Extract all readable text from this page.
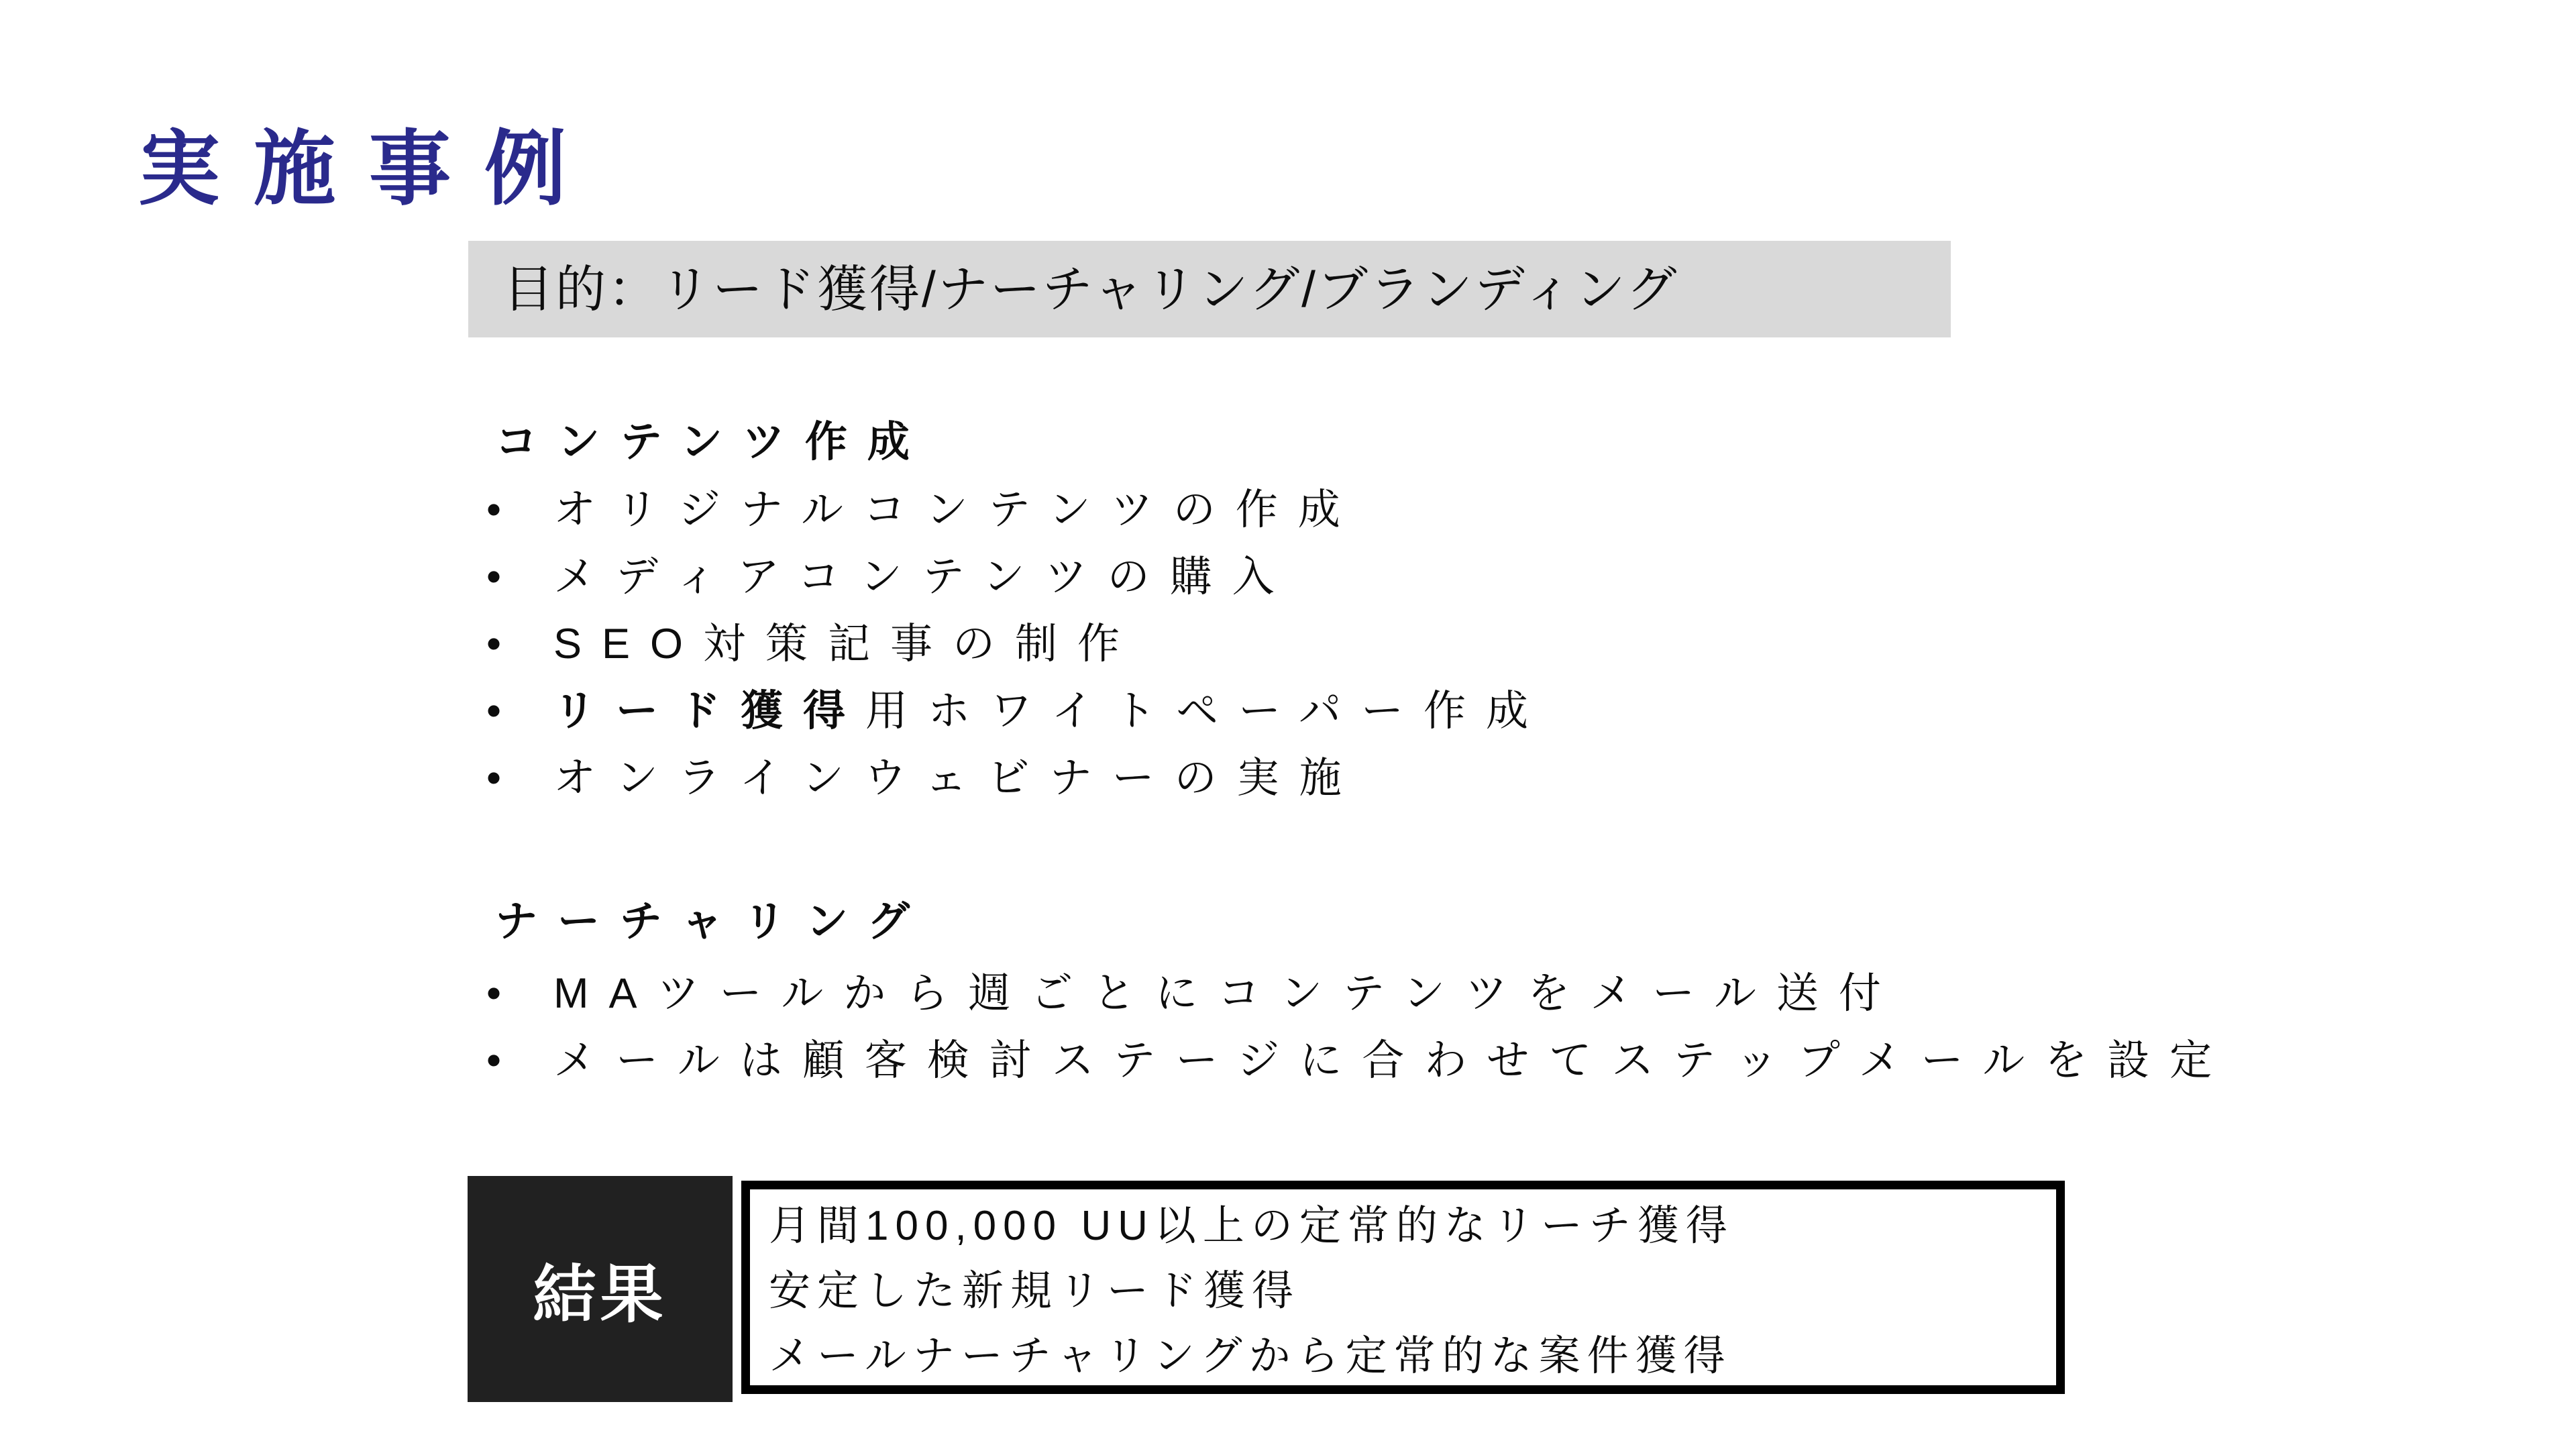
実施事例
目的：リード獲得/ナーチャリング/ブランディング
コンテンツ作成
• オリジナルコンテンツの作成
• メディアコンテンツの購入
• SEO対策記事の制作
• リード獲得用ホワイトペーパー作成
• オンラインウェビナーの実施
ナーチャリング
• MAツールから週ごとにコンテンツをメール送付
• メールは顧客検討ステージに合わせてステップメールを設定
結果
月間100,000 UU以上の定常的なリーチ獲得
安定した新規リード獲得
メールナーチャリングから定常的な案件獲得
